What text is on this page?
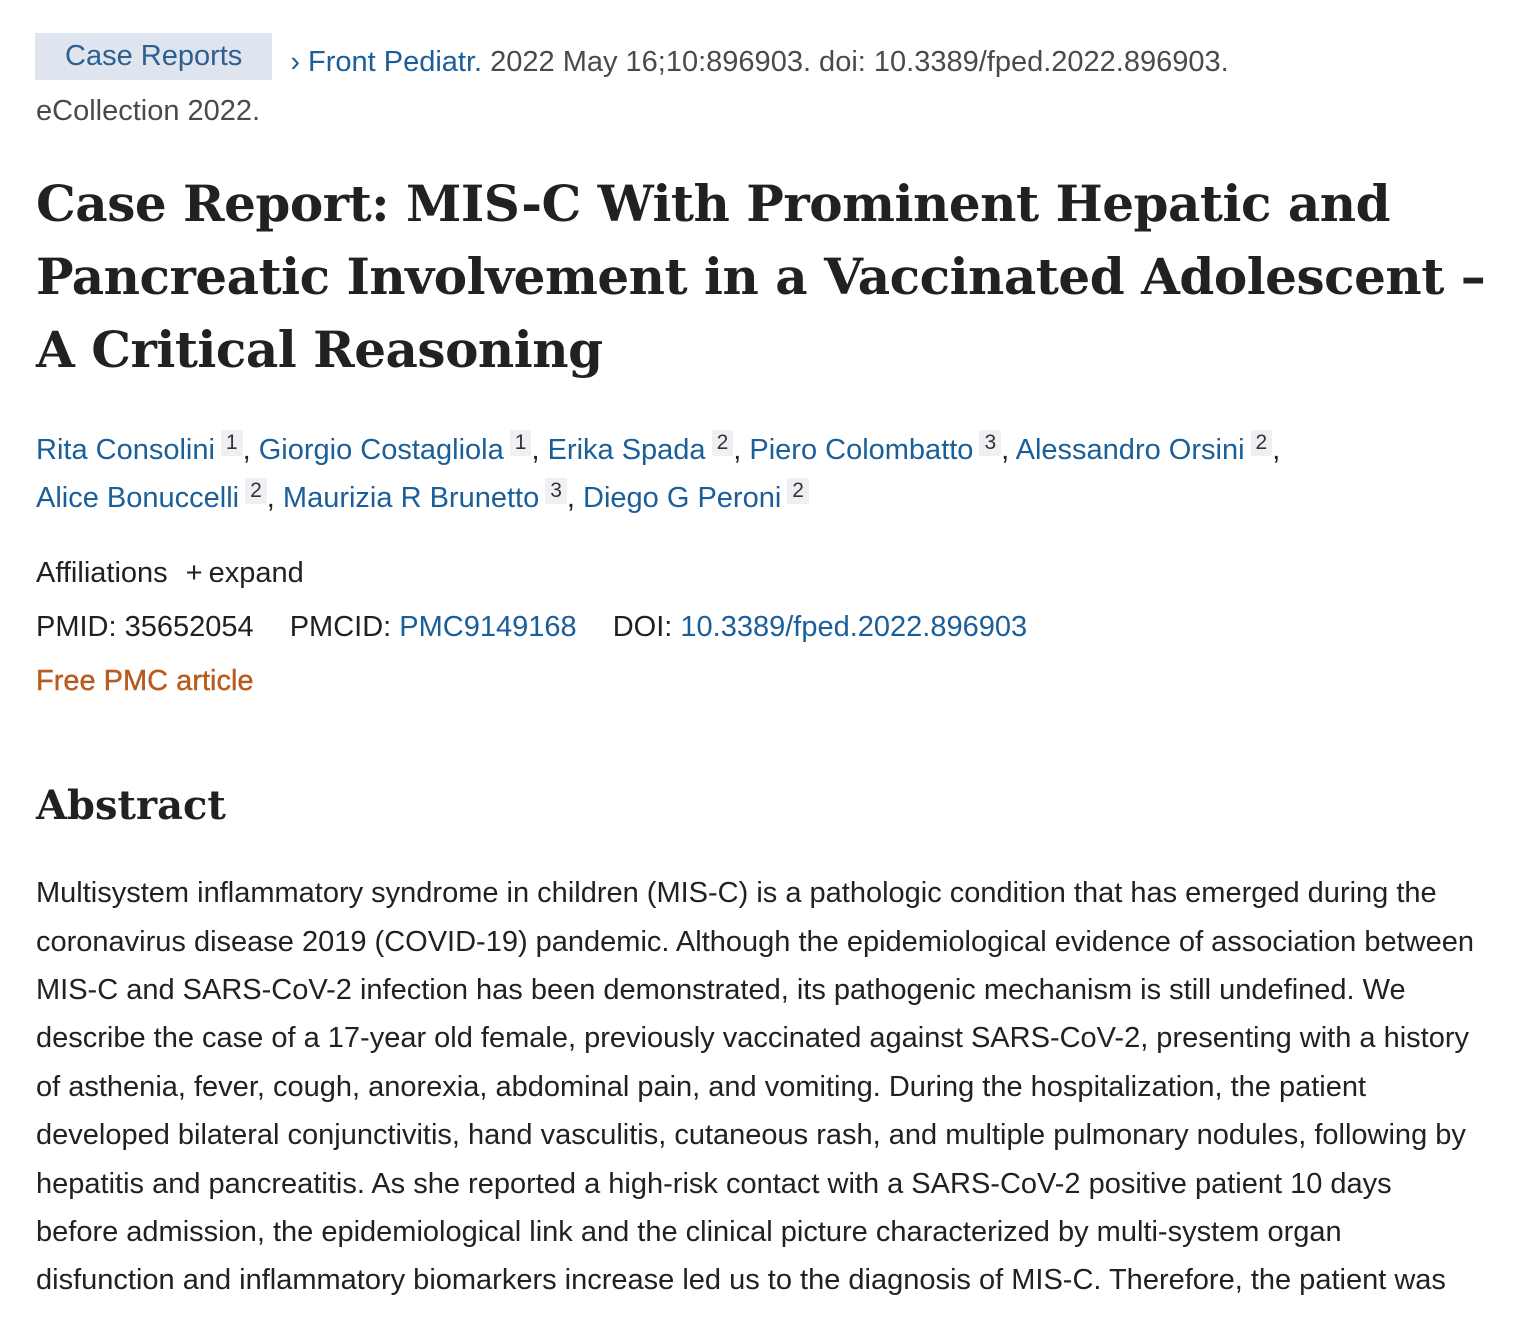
Case Reports › Front Pediatr. 2022 May 16;10:896903. doi: 10.3389/fped.2022.896903.
eCollection 2022.
Case Report: MIS-C With Prominent Hepatic and Pancreatic Involvement in a Vaccinated Adolescent – A Critical Reasoning
Rita Consolini 1 , Giorgio Costagliola 1 , Erika Spada 2 , Piero Colombatto 3 , Alessandro Orsini 2 ,
Alice Bonuccelli 2 , Maurizia R Brunetto 3 , Diego G Peroni 2
Affiliations + expand
PMID: 35652054 PMCID: PMC9149168 DOI: 10.3389/fped.2022.896903
Free PMC article
Abstract
Multisystem inflammatory syndrome in children (MIS-C) is a pathologic condition that has emerged during the coronavirus disease 2019 (COVID-19) pandemic. Although the epidemiological evidence of association between MIS-C and SARS-CoV-2 infection has been demonstrated, its pathogenic mechanism is still undefined. We describe the case of a 17-year old female, previously vaccinated against SARS-CoV-2, presenting with a history of asthenia, fever, cough, anorexia, abdominal pain, and vomiting. During the hospitalization, the patient developed bilateral conjunctivitis, hand vasculitis, cutaneous rash, and multiple pulmonary nodules, following by hepatitis and pancreatitis. As she reported a high-risk contact with a SARS-CoV-2 positive patient 10 days before admission, the epidemiological link and the clinical picture characterized by multi-system organ disfunction and inflammatory biomarkers increase led us to the diagnosis of MIS-C. Therefore, the patient was
